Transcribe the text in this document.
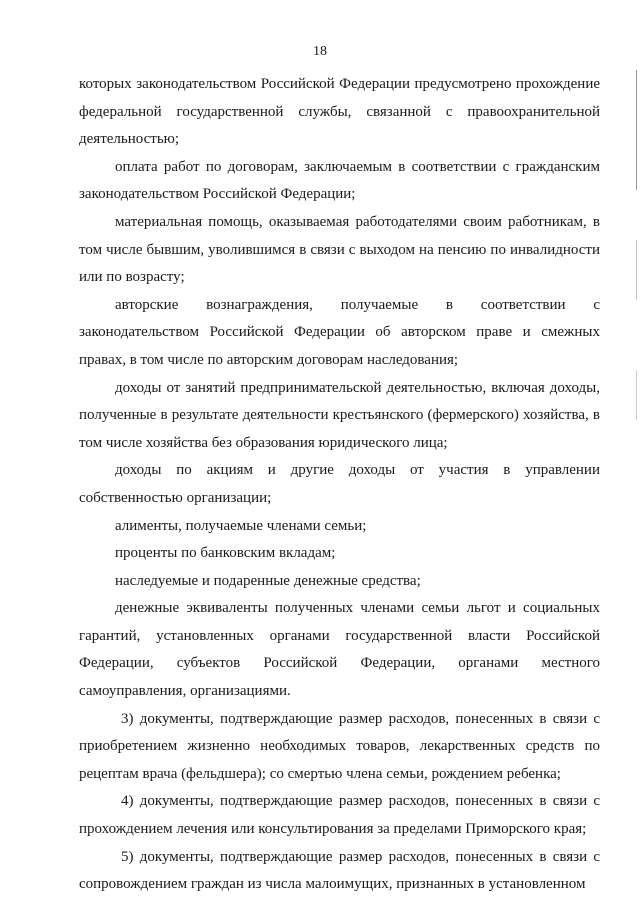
18

которых законодательством Российской Федерации предусмотрено прохождение федеральной государственной службы, связанной с правоохранительной деятельностью;

оплата работ по договорам, заключаемым в соответствии с гражданским законодательством Российской Федерации;

материальная помощь, оказываемая работодателями своим работникам, в том числе бывшим, уволившимся в связи с выходом на пенсию по инвалидности или по возрасту;

авторские вознаграждения, получаемые в соответствии с законодательством Российской Федерации об авторском праве и смежных правах, в том числе по авторским договорам наследования;

доходы от занятий предпринимательской деятельностью, включая доходы, полученные в результате деятельности крестьянского (фермерского) хозяйства, в том числе хозяйства без образования юридического лица;

доходы по акциям и другие доходы от участия в управлении собственностью организации;

алименты, получаемые членами семьи;

проценты по банковским вкладам;

наследуемые и подаренные денежные средства;

денежные эквиваленты полученных членами семьи льгот и социальных гарантий, установленных органами государственной власти Российской Федерации, субъектов Российской Федерации, органами местного самоуправления, организациями.

3) документы, подтверждающие размер расходов, понесенных в связи с приобретением жизненно необходимых товаров, лекарственных средств по рецептам врача (фельдшера); со смертью члена семьи, рождением ребенка;

4) документы, подтверждающие размер расходов, понесенных в связи с прохождением лечения или консультирования за пределами Приморского края;

5) документы, подтверждающие размер расходов, понесенных в связи с сопровождением граждан из числа малоимущих, признанных в установленном
